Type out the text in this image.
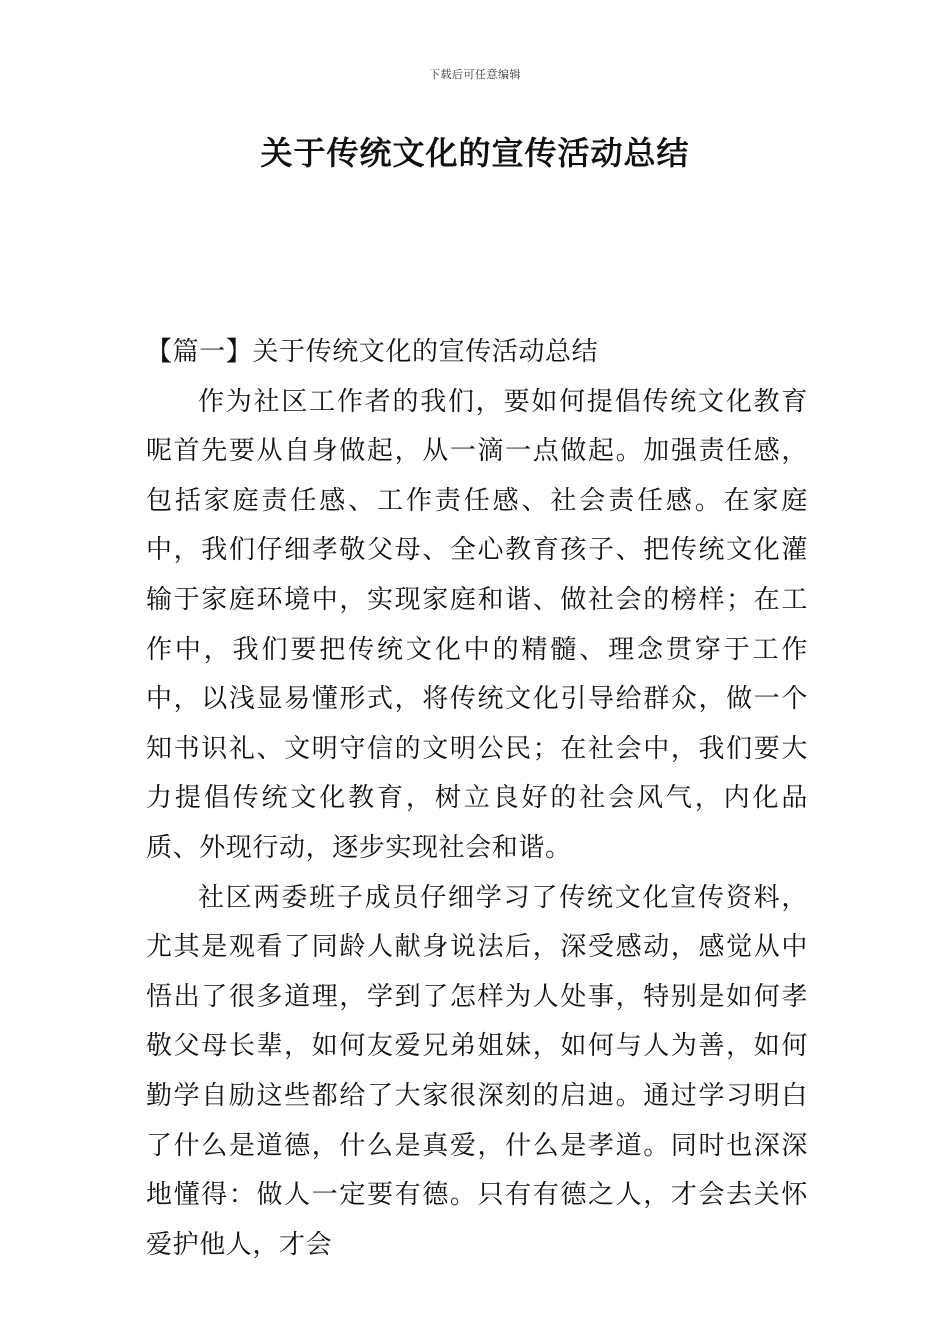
下载后可任意编辑
关于传统文化的宣传活动总结

【篇一】关于传统文化的宣传活动总结

作为社区工作者的我们，要如何提倡传统文化教育呢首先要从自身做起，从一滴一点做起。加强责任感，包括家庭责任感、工作责任感、社会责任感。在家庭中，我们仔细孝敬父母、全心教育孩子、把传统文化灌输于家庭环境中，实现家庭和谐、做社会的榜样；在工作中，我们要把传统文化中的精髓、理念贯穿于工作中，以浅显易懂形式，将传统文化引导给群众，做一个知书识礼、文明守信的文明公民；在社会中，我们要大力提倡传统文化教育，树立良好的社会风气，内化品质、外现行动，逐步实现社会和谐。

社区两委班子成员仔细学习了传统文化宣传资料，尤其是观看了同龄人献身说法后，深受感动，感觉从中悟出了很多道理，学到了怎样为人处事，特别是如何孝敬父母长辈，如何友爱兄弟姐妹，如何与人为善，如何勤学自励这些都给了大家很深刻的启迪。通过学习明白了什么是道德，什么是真爱，什么是孝道。同时也深深地懂得：做人一定要有德。只有有德之人，才会去关怀爱护他人，才会
